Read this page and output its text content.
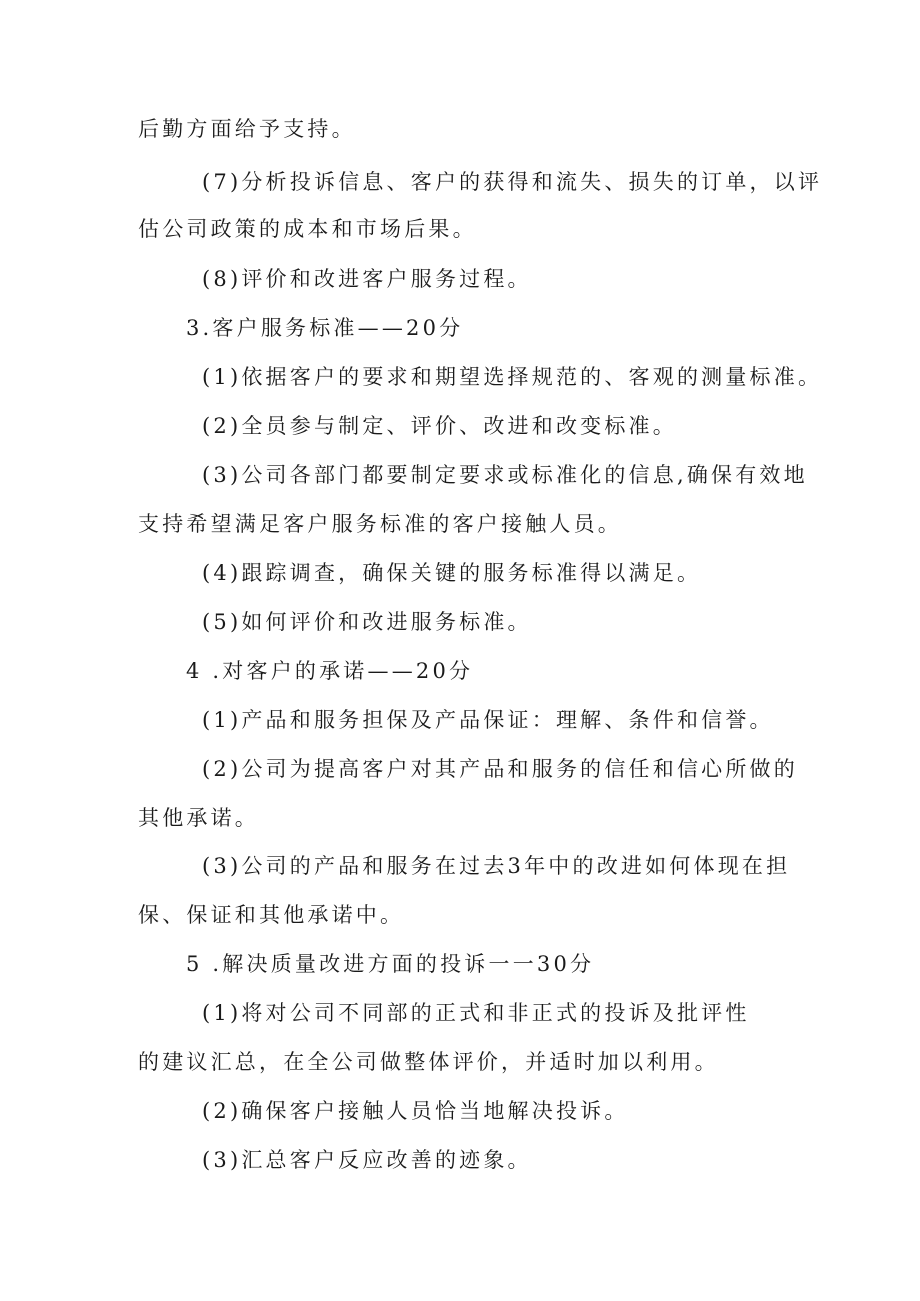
后勤方面给予支持。
(7)分析投诉信息、客户的获得和流失、损失的订单，以评
估公司政策的成本和市场后果。
(8)评价和改进客户服务过程。
3.客户服务标准——20分
(1)依据客户的要求和期望选择规范的、客观的测量标准。
(2)全员参与制定、评价、改进和改变标准。
(3)公司各部门都要制定要求或标准化的信息,确保有效地
支持希望满足客户服务标准的客户接触人员。
(4)跟踪调查，确保关键的服务标准得以满足。
(5)如何评价和改进服务标准。
4 .对客户的承诺——20分
(1)产品和服务担保及产品保证：理解、条件和信誉。
(2)公司为提高客户对其产品和服务的信任和信心所做的
其他承诺。
(3)公司的产品和服务在过去3年中的改进如何体现在担
保、保证和其他承诺中。
5 .解决质量改进方面的投诉一一30分
(1)将对公司不同部的正式和非正式的投诉及批评性
的建议汇总，在全公司做整体评价，并适时加以利用。
(2)确保客户接触人员恰当地解决投诉。
(3)汇总客户反应改善的迹象。
